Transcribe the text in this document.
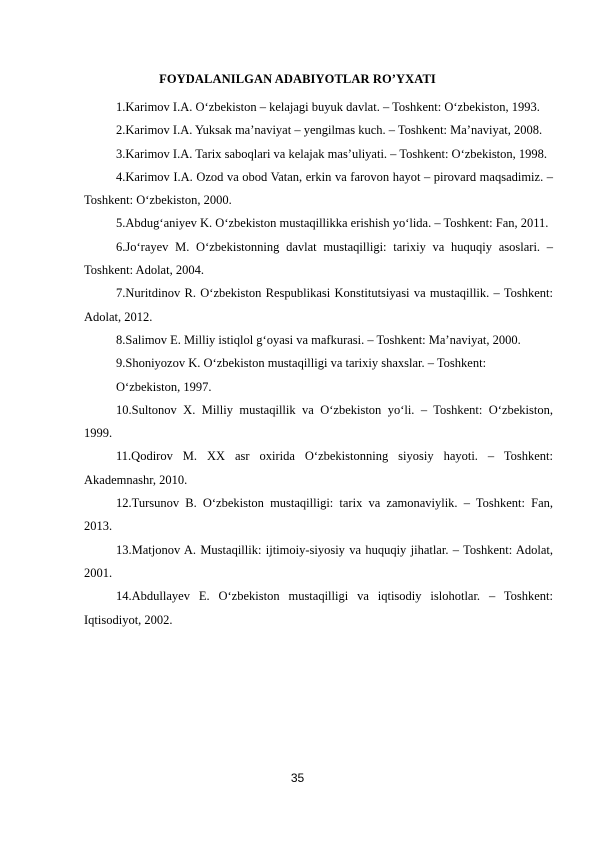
FOYDALANILGAN ADABIYOTLAR RO’YXATI

1.Karimov I.A. O‘zbekiston – kelajagi buyuk davlat. – Toshkent: O‘zbekiston, 1993.

2.Karimov I.A. Yuksak ma’naviyat – yengilmas kuch. – Toshkent: Ma’naviyat, 2008.

3.Karimov I.A. Tarix saboqlari va kelajak mas’uliyati. – Toshkent: O‘zbekiston, 1998.

4.Karimov I.A. Ozod va obod Vatan, erkin va farovon hayot – pirovard maqsadimiz. – Toshkent: O‘zbekiston, 2000.

5.Abdug‘aniyev K. O‘zbekiston mustaqillikka erishish yo‘lida. – Toshkent: Fan, 2011.

6.Jo‘rayev M. O‘zbekistonning davlat mustaqilligi: tarixiy va huquqiy asoslari. – Toshkent: Adolat, 2004.

7.Nuritdinov R. O‘zbekiston Respublikasi Konstitutsiyasi va mustaqillik. – Toshkent: Adolat, 2012.

8.Salimov E. Milliy istiqlol g‘oyasi va mafkurasi. – Toshkent: Ma’naviyat, 2000.

9.Shoniyozov K. O‘zbekiston mustaqilligi va tarixiy shaxslar. – Toshkent:

O‘zbekiston, 1997.

10.Sultonov X. Milliy mustaqillik va O‘zbekiston yo‘li. – Toshkent: O‘zbekiston, 1999.

11.Qodirov M. XX asr oxirida O‘zbekistonning siyosiy hayoti. – Toshkent: Akademnashr, 2010.

12.Tursunov B. O‘zbekiston mustaqilligi: tarix va zamonaviylik. – Toshkent: Fan, 2013.

13.Matjonov A. Mustaqillik: ijtimoiy-siyosiy va huquqiy jihatlar. – Toshkent: Adolat, 2001.

14.Abdullayev E. O‘zbekiston mustaqilligi va iqtisodiy islohotlar. – Toshkent: Iqtisodiyot, 2002.

35
